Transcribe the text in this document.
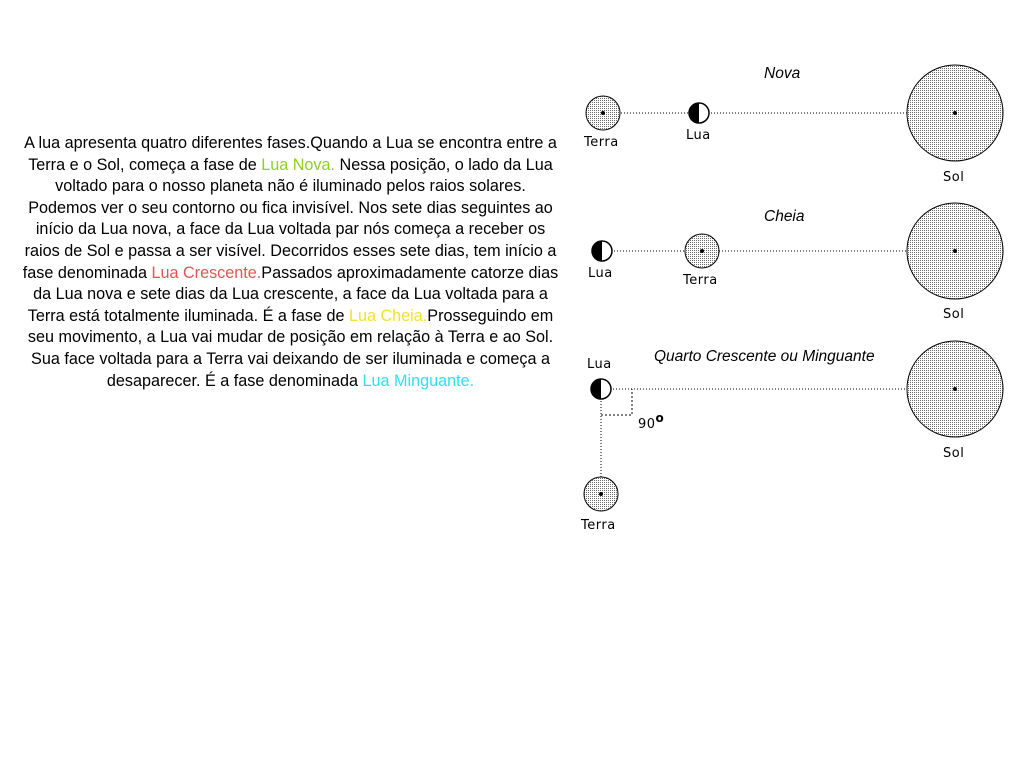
A lua apresenta quatro diferentes fases.Quando a Lua se encontra entre a Terra e o Sol, começa a fase de Lua Nova. Nessa posição, o lado da Lua voltado para o nosso planeta não é iluminado pelos raios solares. Podemos ver o seu contorno ou fica invisível. Nos sete dias seguintes ao início da Lua nova, a face da Lua voltada par nós começa a receber os raios de Sol e passa a ser visível. Decorridos esses sete dias, tem início a fase denominada Lua Crescente.Passados aproximadamente catorze dias da Lua nova e sete dias da Lua crescente, a face da Lua voltada para a Terra está totalmente iluminada. É a fase de Lua Cheia.Prosseguindo em seu movimento, a Lua vai mudar de posição em relação à Terra e ao Sol. Sua face voltada para a Terra vai deixando de ser iluminada e começa a desaparecer. É a fase denominada Lua Minguante.
Nova
Terra	Lua
Sol
Cheia
Lua	Terra
Sol
Quarto Crescente ou Minguante
Lua
90o
Sol
Terra
